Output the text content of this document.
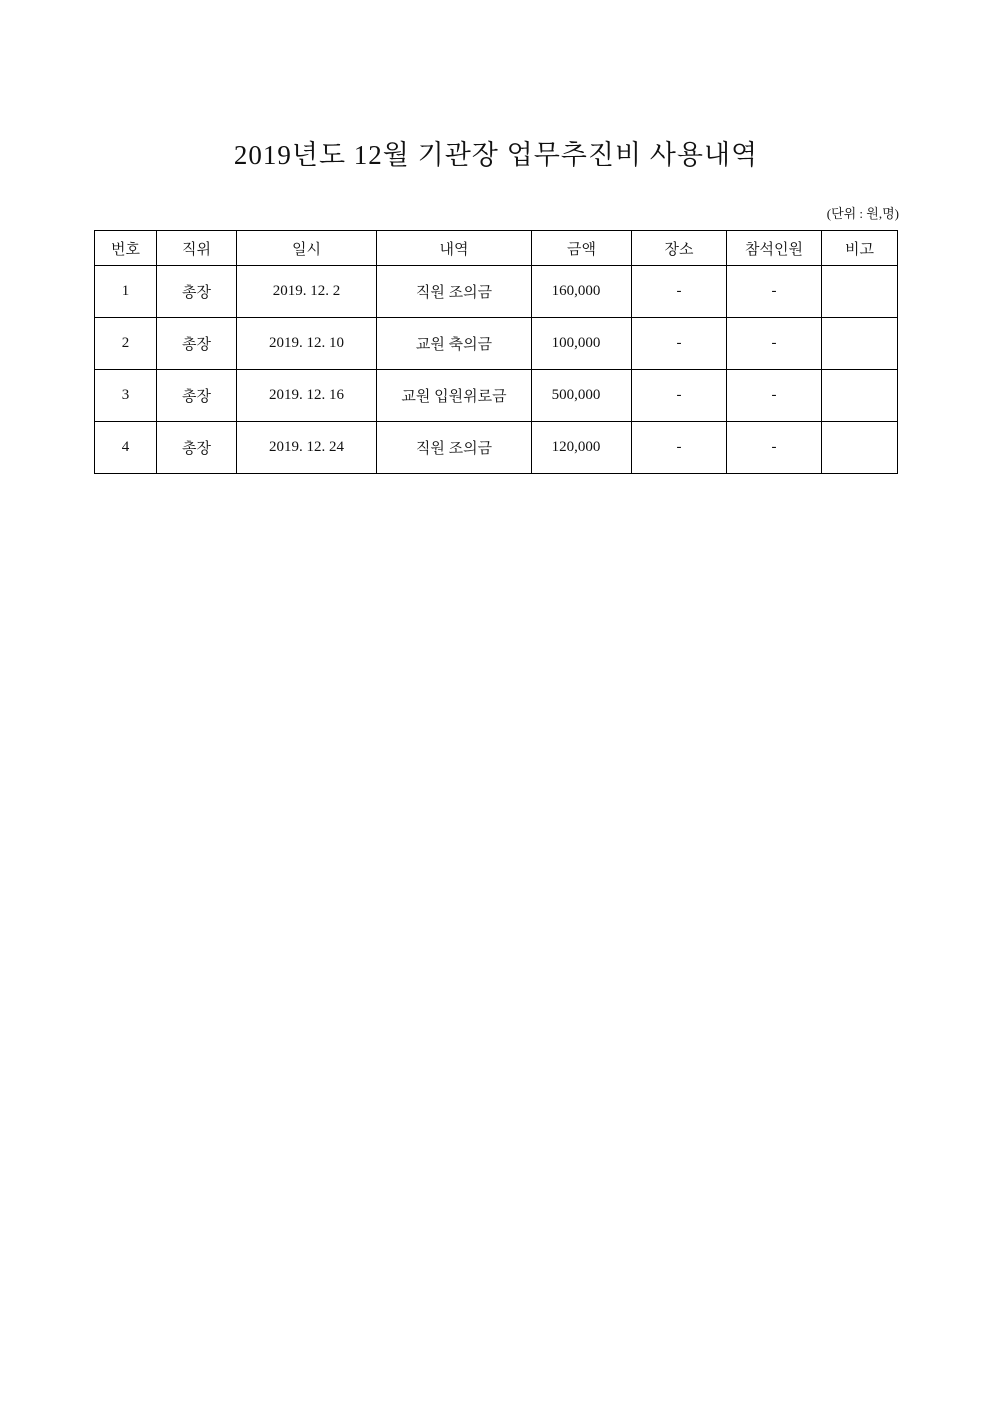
2019년도 12월 기관장 업무추진비 사용내역
(단위 : 원,명)
번호	직위	일시	내역	금액	장소	참석인원	비고
1	총장	2019. 12. 2	직원 조의금	160,000	-	-	
2	총장	2019. 12. 10	교원 축의금	100,000	-	-	
3	총장	2019. 12. 16	교원 입원위로금	500,000	-	-	
4	총장	2019. 12. 24	직원 조의금	120,000	-	-	
